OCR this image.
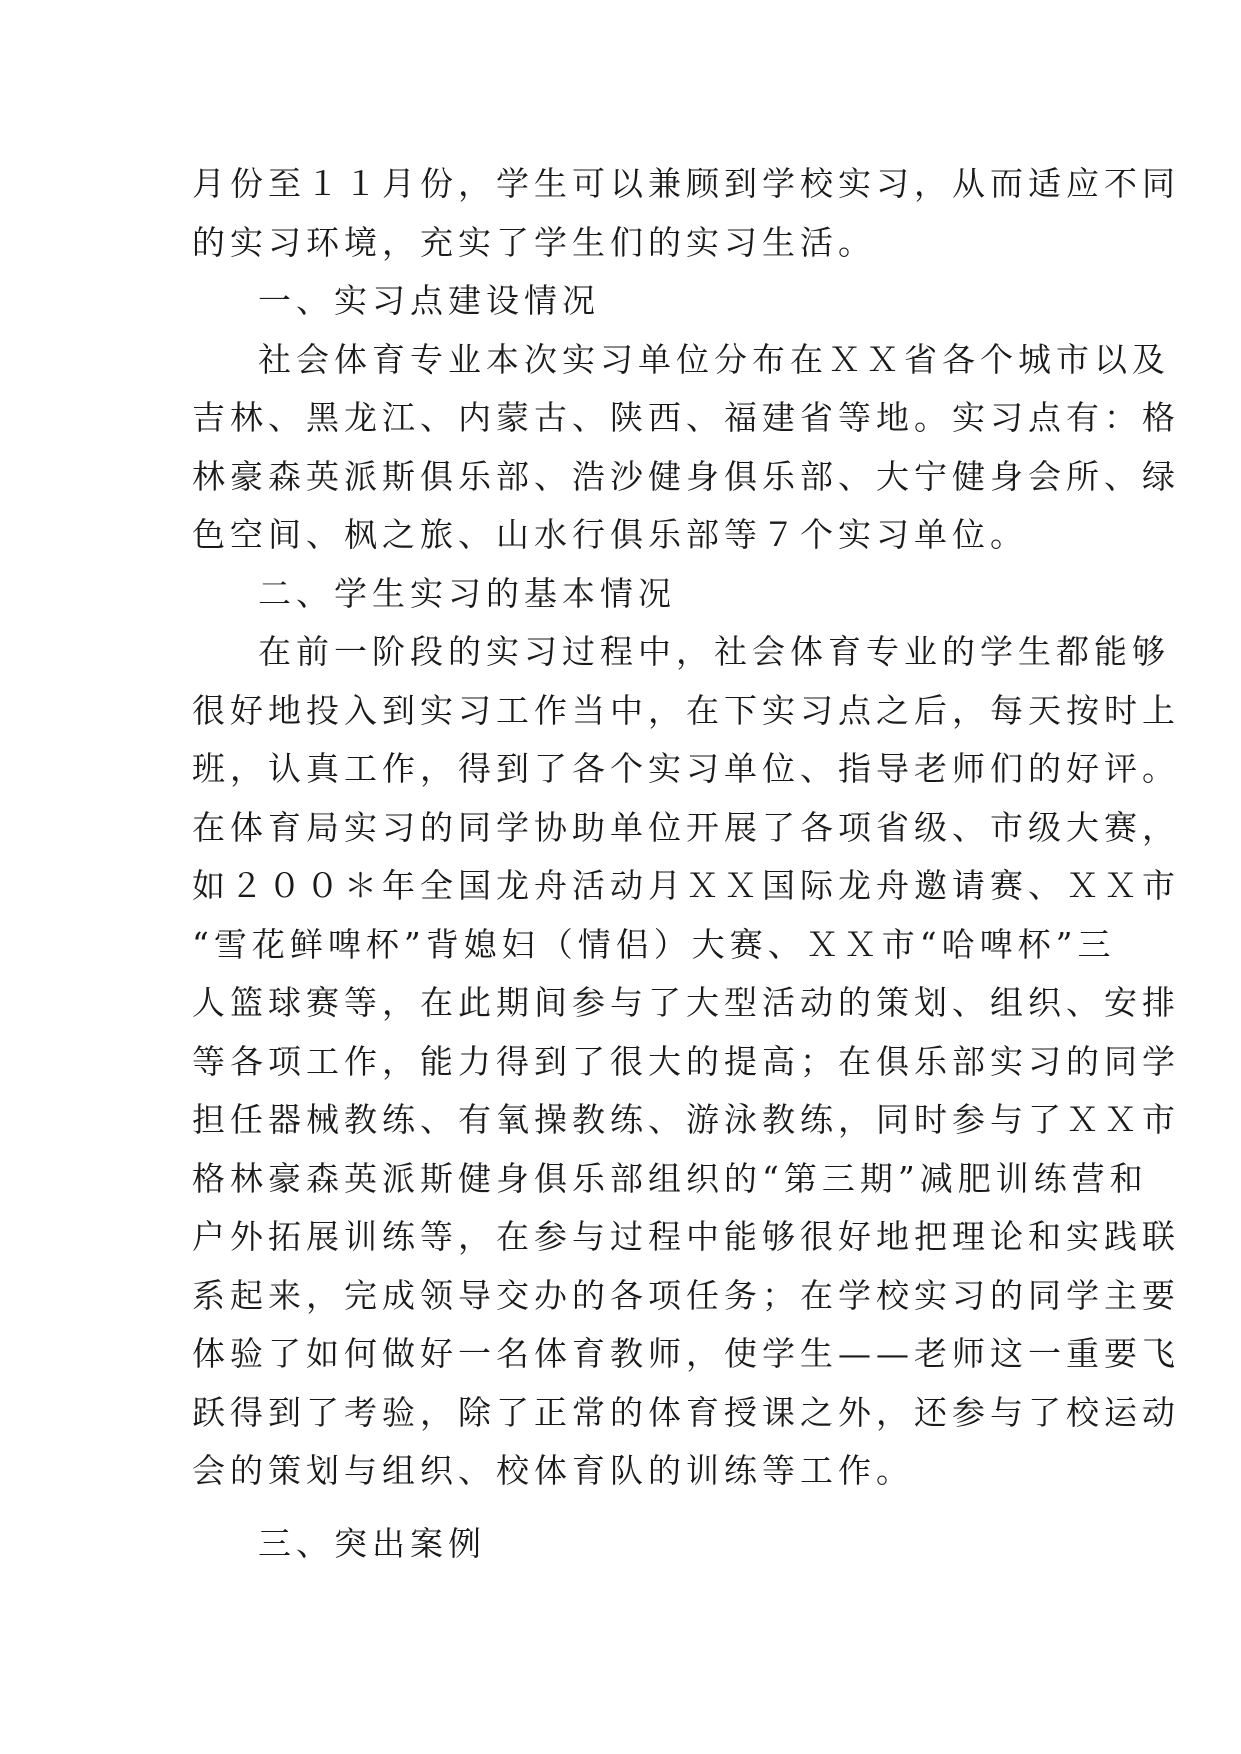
月份至１１月份，学生可以兼顾到学校实习，从而适应不同
的实习环境，充实了学生们的实习生活。
一、实习点建设情况
社会体育专业本次实习单位分布在ＸＸ省各个城市以及
吉林、黑龙江、内蒙古、陕西、福建省等地。实习点有：格
林豪森英派斯俱乐部、浩沙健身俱乐部、大宁健身会所、绿
色空间、枫之旅、山水行俱乐部等７个实习单位。
二、学生实习的基本情况
在前一阶段的实习过程中，社会体育专业的学生都能够
很好地投入到实习工作当中，在下实习点之后，每天按时上
班，认真工作，得到了各个实习单位、指导老师们的好评。
在体育局实习的同学协助单位开展了各项省级、市级大赛，
如２００＊年全国龙舟活动月ＸＸ国际龙舟邀请赛、ＸＸ市
“雪花鲜啤杯”背媳妇（情侣）大赛、ＸＸ市“哈啤杯”三
人篮球赛等，在此期间参与了大型活动的策划、组织、安排
等各项工作，能力得到了很大的提高；在俱乐部实习的同学
担任器械教练、有氧操教练、游泳教练，同时参与了ＸＸ市
格林豪森英派斯健身俱乐部组织的“第三期”减肥训练营和
户外拓展训练等，在参与过程中能够很好地把理论和实践联
系起来，完成领导交办的各项任务；在学校实习的同学主要
体验了如何做好一名体育教师，使学生——老师这一重要飞
跃得到了考验，除了正常的体育授课之外，还参与了校运动
会的策划与组织、校体育队的训练等工作。
三、突出案例
